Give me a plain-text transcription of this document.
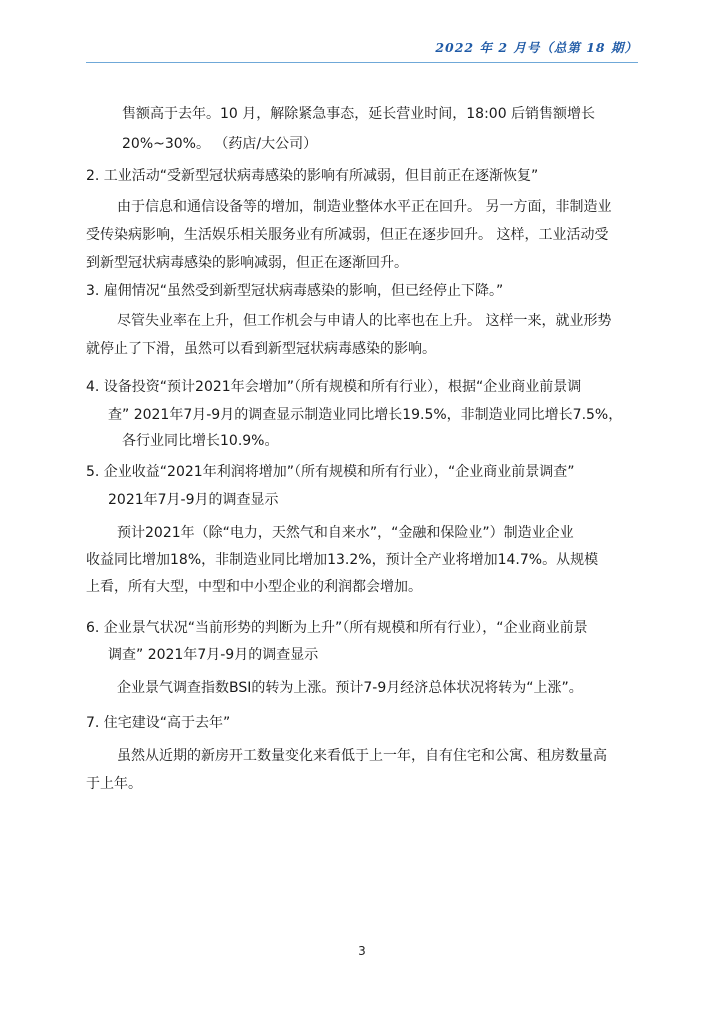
2022 年 2 月号（总第 18 期）
售额高于去年。10 月，解除紧急事态，延长营业时间，18:00 后销售额增长
20%~30%。 （药店/大公司）
2. 工业活动“受新型冠状病毒感染的影响有所减弱，但目前正在逐渐恢复”
由于信息和通信设备等的增加，制造业整体水平正在回升。 另一方面，非制造业
受传染病影响，生活娱乐相关服务业有所减弱，但正在逐步回升。 这样，工业活动受
到新型冠状病毒感染的影响减弱，但正在逐渐回升。
3. 雇佣情况“虽然受到新型冠状病毒感染的影响，但已经停止下降。”
尽管失业率在上升，但工作机会与申请人的比率也在上升。 这样一来，就业形势
就停止了下滑，虽然可以看到新型冠状病毒感染的影响。
4. 设备投资“预计2021年会增加”（所有规模和所有行业），根据“企业商业前景调
查” 2021年7月-9月的调查显示制造业同比增长19.5%，非制造业同比增长7.5%，
各行业同比增长10.9%。
5. 企业收益“2021年利润将增加”（所有规模和所有行业），“企业商业前景调查”
2021年7月-9月的调查显示
预计2021年（除“电力，天然气和自来水”，“金融和保险业”）制造业企业
收益同比增加18%，非制造业同比增加13.2%，预计全产业将增加14.7%。从规模
上看，所有大型，中型和中小型企业的利润都会增加。
6. 企业景气状况“当前形势的判断为上升”（所有规模和所有行业），“企业商业前景
调查” 2021年7月-9月的调查显示
企业景气调查指数BSI的转为上涨。预计7-9月经济总体状况将转为“上涨”。
7. 住宅建设“高于去年”
虽然从近期的新房开工数量变化来看低于上一年，自有住宅和公寓、租房数量高
于上年。
3
